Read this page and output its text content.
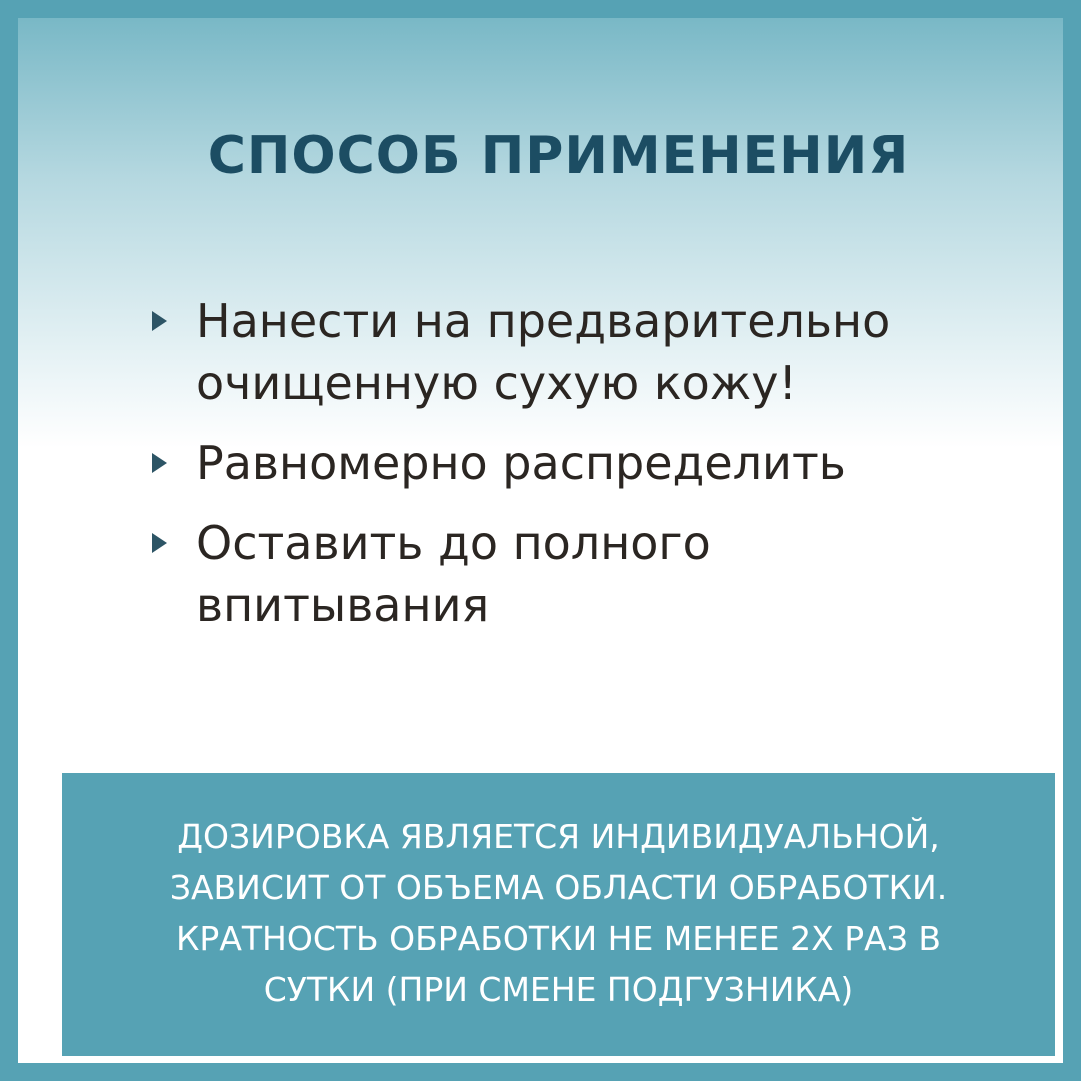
СПОСОБ ПРИМЕНЕНИЯ
Нанести на предварительно
очищенную сухую кожу!
Равномерно распределить
Оставить до полного
впитывания
ДОЗИРОВКА ЯВЛЯЕТСЯ ИНДИВИДУАЛЬНОЙ,
ЗАВИСИТ ОТ ОБЪЕМА ОБЛАСТИ ОБРАБОТКИ.
КРАТНОСТЬ ОБРАБОТКИ НЕ МЕНЕЕ 2Х РАЗ В
СУТКИ (ПРИ СМЕНЕ ПОДГУЗНИКА)
